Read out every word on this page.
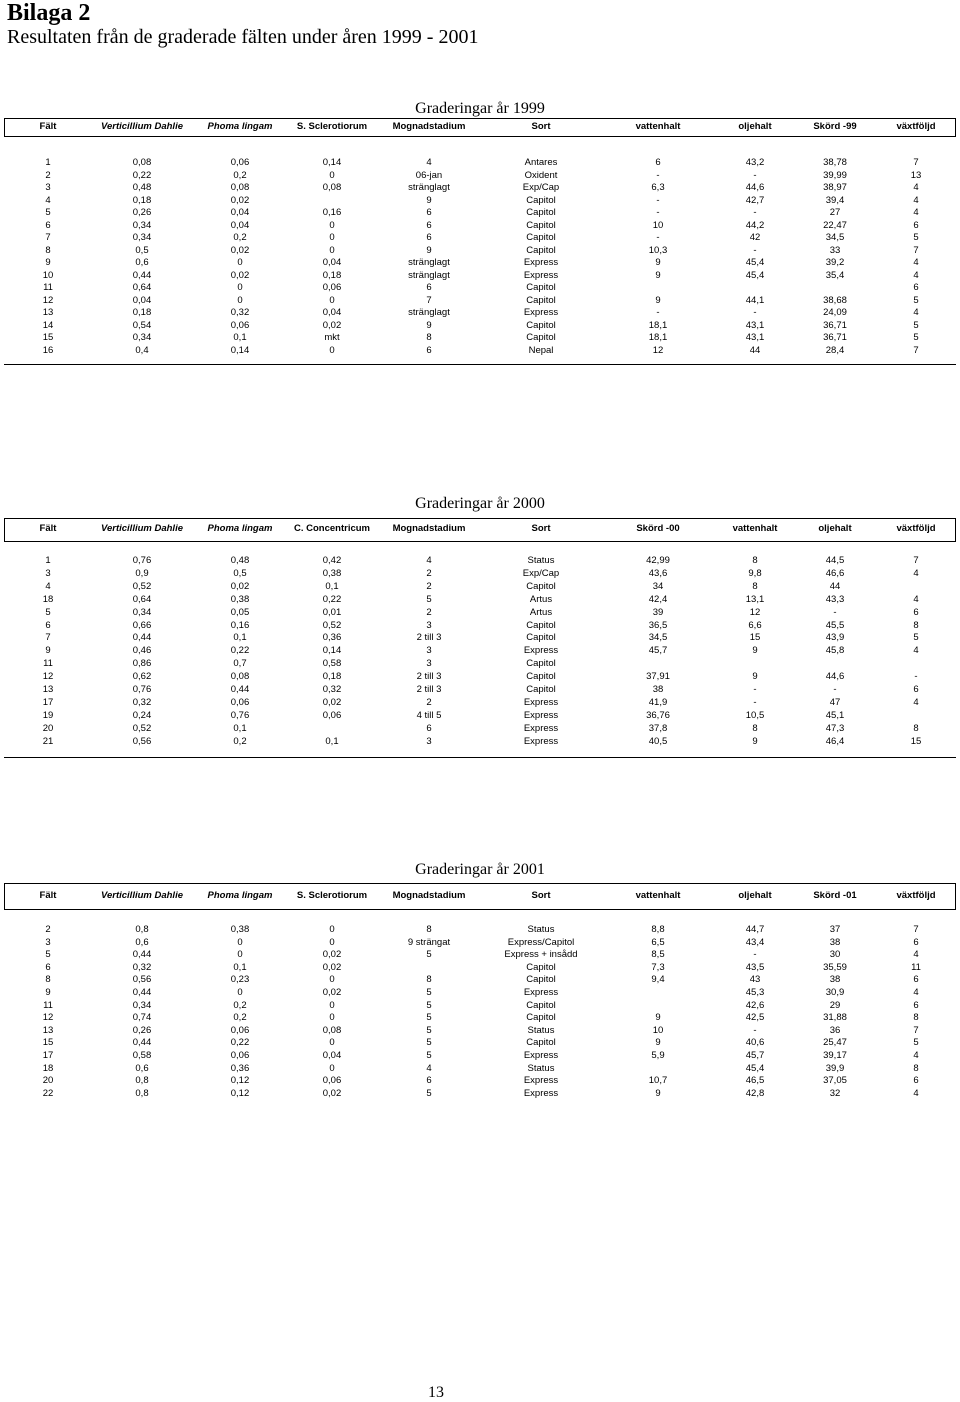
Bilaga 2
Resultaten från de graderade fälten under åren 1999 - 2001
Graderingar år 1999
Fält	Verticillium Dahlie	Phoma lingam	S. Sclerotiorum	Mognadstadium	Sort	vattenhalt	oljehalt	Skörd -99	växtföljd

1	0,08	0,06	0,14	4	Antares	6	43,2	38,78	7
2	0,22	0,2	0	06-jan	Oxident	-	-	39,99	13
3	0,48	0,08	0,08	stränglagt	Exp/Cap	6,3	44,6	38,97	4
4	0,18	0,02		9	Capitol	-	42,7	39,4	4
5	0,26	0,04	0,16	6	Capitol	-	-	27	4
6	0,34	0,04	0	6	Capitol	10	44,2	22,47	6
7	0,34	0,2	0	6	Capitol	-	42	34,5	5
8	0,5	0,02	0	9	Capitol	10,3	-	33	7
9	0,6	0	0,04	stränglagt	Express	9	45,4	39,2	4
10	0,44	0,02	0,18	stränglagt	Express	9	45,4	35,4	4
11	0,64	0	0,06	6	Capitol				6
12	0,04	0	0	7	Capitol	9	44,1	38,68	5
13	0,18	0,32	0,04	stränglagt	Express	-	-	24,09	4
14	0,54	0,06	0,02	9	Capitol	18,1	43,1	36,71	5
15	0,34	0,1	mkt	8	Capitol	18,1	43,1	36,71	5
16	0,4	0,14	0	6	Nepal	12	44	28,4	7
Graderingar år 2000
Fält	Verticillium Dahlie	Phoma lingam	C. Concentricum	Mognadstadium	Sort	Skörd -00	vattenhalt	oljehalt	växtföljd

1	0,76	0,48	0,42	4	Status	42,99	8	44,5	7
3	0,9	0,5	0,38	2	Exp/Cap	43,6	9,8	46,6	4
4	0,52	0,02	0,1	2	Capitol	34	8	44	
18	0,64	0,38	0,22	5	Artus	42,4	13,1	43,3	4
5	0,34	0,05	0,01	2	Artus	39	12	-	6
6	0,66	0,16	0,52	3	Capitol	36,5	6,6	45,5	8
7	0,44	0,1	0,36	2 till 3	Capitol	34,5	15	43,9	5
9	0,46	0,22	0,14	3	Express	45,7	9	45,8	4
11	0,86	0,7	0,58	3	Capitol				
12	0,62	0,08	0,18	2 till 3	Capitol	37,91	9	44,6	-
13	0,76	0,44	0,32	2 till 3	Capitol	38	-	-	6
17	0,32	0,06	0,02	2	Express	41,9	-	47	4
19	0,24	0,76	0,06	4 till 5	Express	36,76	10,5	45,1	
20	0,52	0,1		6	Express	37,8	8	47,3	8
21	0,56	0,2	0,1	3	Express	40,5	9	46,4	15
Graderingar år 2001
Fält	Verticillium Dahlie	Phoma lingam	S. Sclerotiorum	Mognadstadium	Sort	vattenhalt	oljehalt	Skörd -01	växtföljd

2	0,8	0,38	0	8	Status	8,8	44,7	37	7
3	0,6	0	0	9 strängat	Express/Capitol	6,5	43,4	38	6
5	0,44	0	0,02	5	Express + insådd	8,5	-	30	4
6	0,32	0,1	0,02		Capitol	7,3	43,5	35,59	11
8	0,56	0,23	0	8	Capitol	9,4	43	38	6
9	0,44	0	0,02	5	Express		45,3	30,9	4
11	0,34	0,2	0	5	Capitol		42,6	29	6
12	0,74	0,2	0	5	Capitol	9	42,5	31,88	8
13	0,26	0,06	0,08	5	Status	10	-	36	7
15	0,44	0,22	0	5	Capitol	9	40,6	25,47	5
17	0,58	0,06	0,04	5	Express	5,9	45,7	39,17	4
18	0,6	0,36	0	4	Status		45,4	39,9	8
20	0,8	0,12	0,06	6	Express	10,7	46,5	37,05	6
22	0,8	0,12	0,02	5	Express	9	42,8	32	4
13
